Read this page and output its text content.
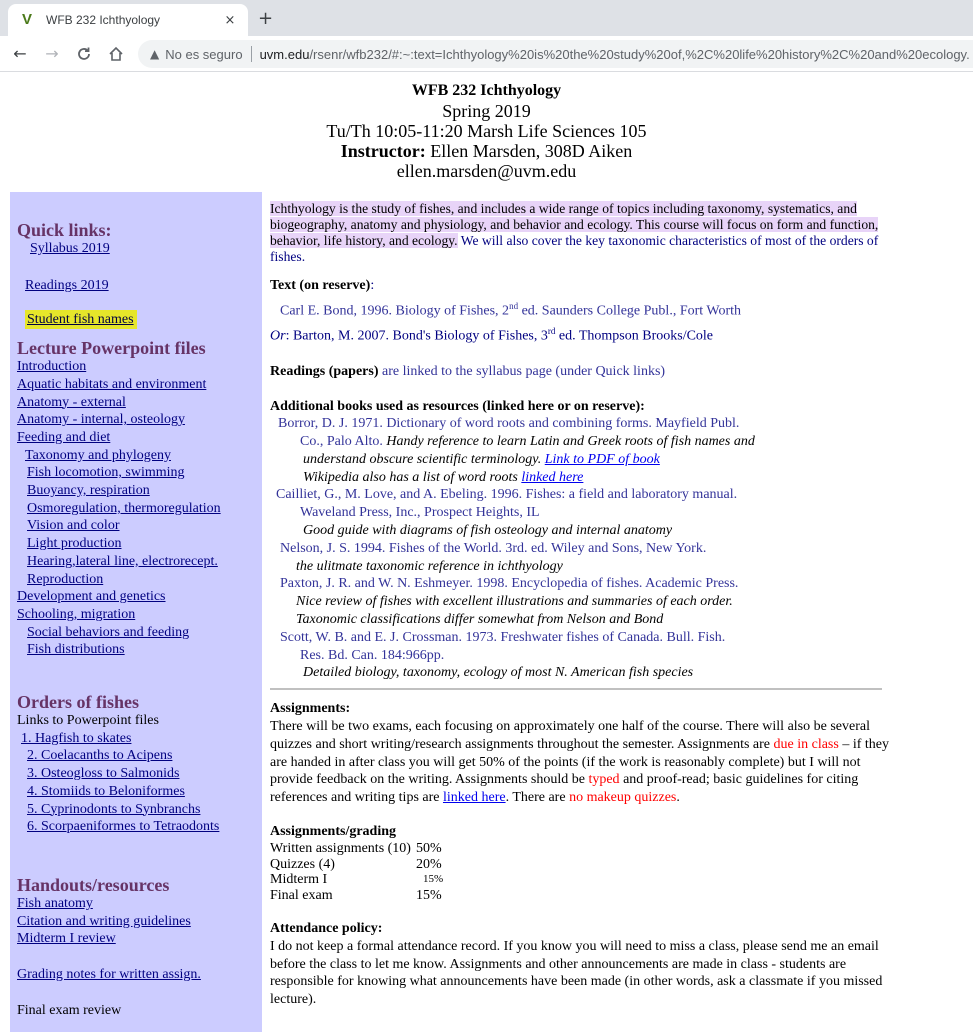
V	WFB 232 Ichthyology	× +
←	→	▲ No es seguro uvm.edu/rsenr/wfb232/#:~:text=Ichthyology%20is%20the%20study%20of,%2C%20life%20history%2C%20and%20ecology.
WFB 232 Ichthyology
Spring 2019
Tu/Th 10:05-11:20 Marsh Life Sciences 105
Instructor: Ellen Marsden, 308D Aiken
ellen.marsden@uvm.edu
Quick links:
Syllabus 2019
Readings 2019
Student fish names
Lecture Powerpoint files
Introduction
Aquatic habitats and environment
Anatomy - external
Anatomy - internal, osteology
Feeding and diet
Taxonomy and phylogeny
Fish locomotion, swimming
Buoyancy, respiration
Osmoregulation, thermoregulation
Vision and color
Light production
Hearing,lateral line, electrorecept.
Reproduction
Development and genetics
Schooling, migration
Social behaviors and feeding
Fish distributions
Orders of fishes
Links to Powerpoint files
1. Hagfish to skates
2. Coelacanths to Acipens
3. Osteogloss to Salmonids
4. Stomiids to Beloniformes
5. Cyprinodonts to Synbranchs
6. Scorpaeniformes to Tetraodonts
Handouts/resources
Fish anatomy
Citation and writing guidelines
Midterm I review
Grading notes for written assign.
Final exam review
Ichthyology is the study of fishes, and includes a wide range of topics including taxonomy, systematics, and biogeography, anatomy and physiology, and behavior and ecology. This course will focus on form and function, behavior, life history, and ecology. We will also cover the key taxonomic characteristics of most of the orders of fishes.
Text (on reserve):
Carl E. Bond, 1996. Biology of Fishes, 2nd ed. Saunders College Publ., Fort Worth
Or: Barton, M. 2007. Bond's Biology of Fishes, 3rd ed. Thompson Brooks/Cole
Readings (papers) are linked to the syllabus page (under Quick links)
Additional books used as resources (linked here or on reserve):

Borror, D. J. 1971. Dictionary of word roots and combining forms. Mayfield Publ.

Co., Palo Alto. Handy reference to learn Latin and Greek roots of fish names and

understand obscure scientific terminology. Link to PDF of book

Wikipedia also has a list of word roots linked here

Cailliet, G., M. Love, and A. Ebeling. 1996. Fishes: a field and laboratory manual.

Waveland Press, Inc., Prospect Heights, IL

Good guide with diagrams of fish osteology and internal anatomy

Nelson, J. S. 1994. Fishes of the World. 3rd. ed. Wiley and Sons, New York.

the ulitmate taxonomic reference in ichthyology

Paxton, J. R. and W. N. Eshmeyer. 1998. Encyclopedia of fishes. Academic Press.

Nice review of fishes with excellent illustrations and summaries of each order.

Taxonomic classifications differ somewhat from Nelson and Bond

Scott, W. B. and E. J. Crossman. 1973. Freshwater fishes of Canada. Bull. Fish.

Res. Bd. Can. 184:966pp.

Detailed biology, taxonomy, ecology of most N. American fish species

Assignments:

There will be two exams, each focusing on approximately one half of the course. There will also be several quizzes and short writing/research assignments throughout the semester. Assignments are due in class – if they are handed in after class you will get 50% of the points (if the work is reasonably complete) but I will not provide feedback on the writing. Assignments should be typed and proof-read; basic guidelines for citing references and writing tips are linked here. There are no makeup quizzes.

Assignments/grading
Written assignments (10)	50%
Quizzes (4)	20%
Midterm I	15%
Final exam	15%
Attendance policy:

I do not keep a formal attendance record. If you know you will need to miss a class, please send me an email before the class to let me know. Assignments and other announcements are made in class - students are responsible for knowing what announcements have been made (in other words, ask a classmate if you missed lecture).
